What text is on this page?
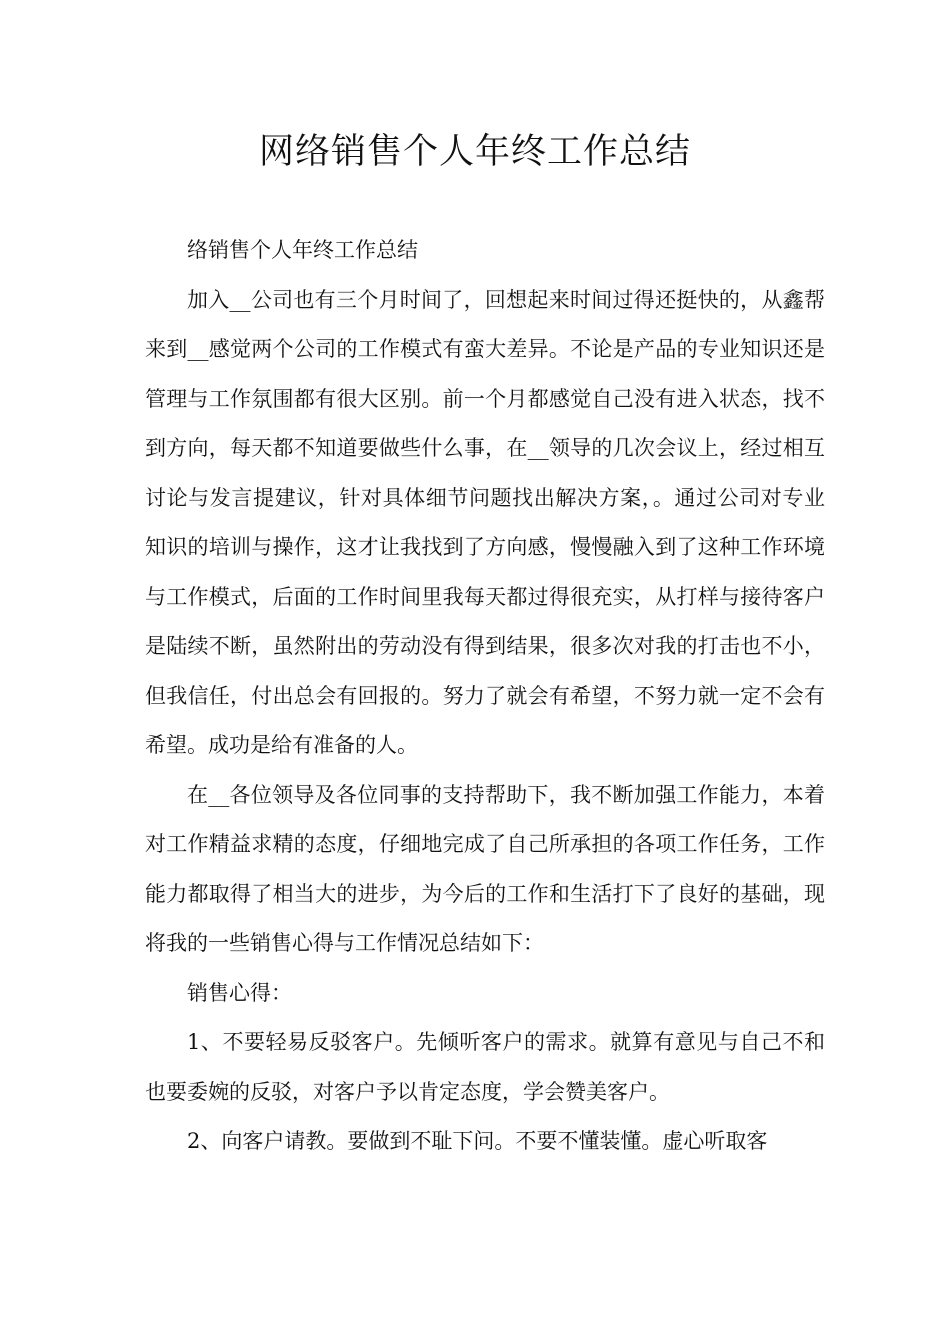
网络销售个人年终工作总结

络销售个人年终工作总结

加入__公司也有三个月时间了，回想起来时间过得还挺快的，从鑫帮来到__感觉两个公司的工作模式有蛮大差异。不论是产品的专业知识还是管理与工作氛围都有很大区别。前一个月都感觉自己没有进入状态，找不到方向，每天都不知道要做些什么事，在__领导的几次会议上，经过相互讨论与发言提建议，针对具体细节问题找出解决方案，。通过公司对专业知识的培训与操作，这才让我找到了方向感，慢慢融入到了这种工作环境与工作模式，后面的工作时间里我每天都过得很充实，从打样与接待客户是陆续不断，虽然附出的劳动没有得到结果，很多次对我的打击也不小，但我信任，付出总会有回报的。努力了就会有希望，不努力就一定不会有希望。成功是给有准备的人。

在__各位领导及各位同事的支持帮助下，我不断加强工作能力，本着对工作精益求精的态度，仔细地完成了自己所承担的各项工作任务，工作能力都取得了相当大的进步，为今后的工作和生活打下了良好的基础，现将我的一些销售心得与工作情况总结如下：

销售心得：

1、不要轻易反驳客户。先倾听客户的需求。就算有意见与自己不和也要委婉的反驳，对客户予以肯定态度，学会赞美客户。

2、向客户请教。要做到不耻下问。不要不懂装懂。虚心听取客
